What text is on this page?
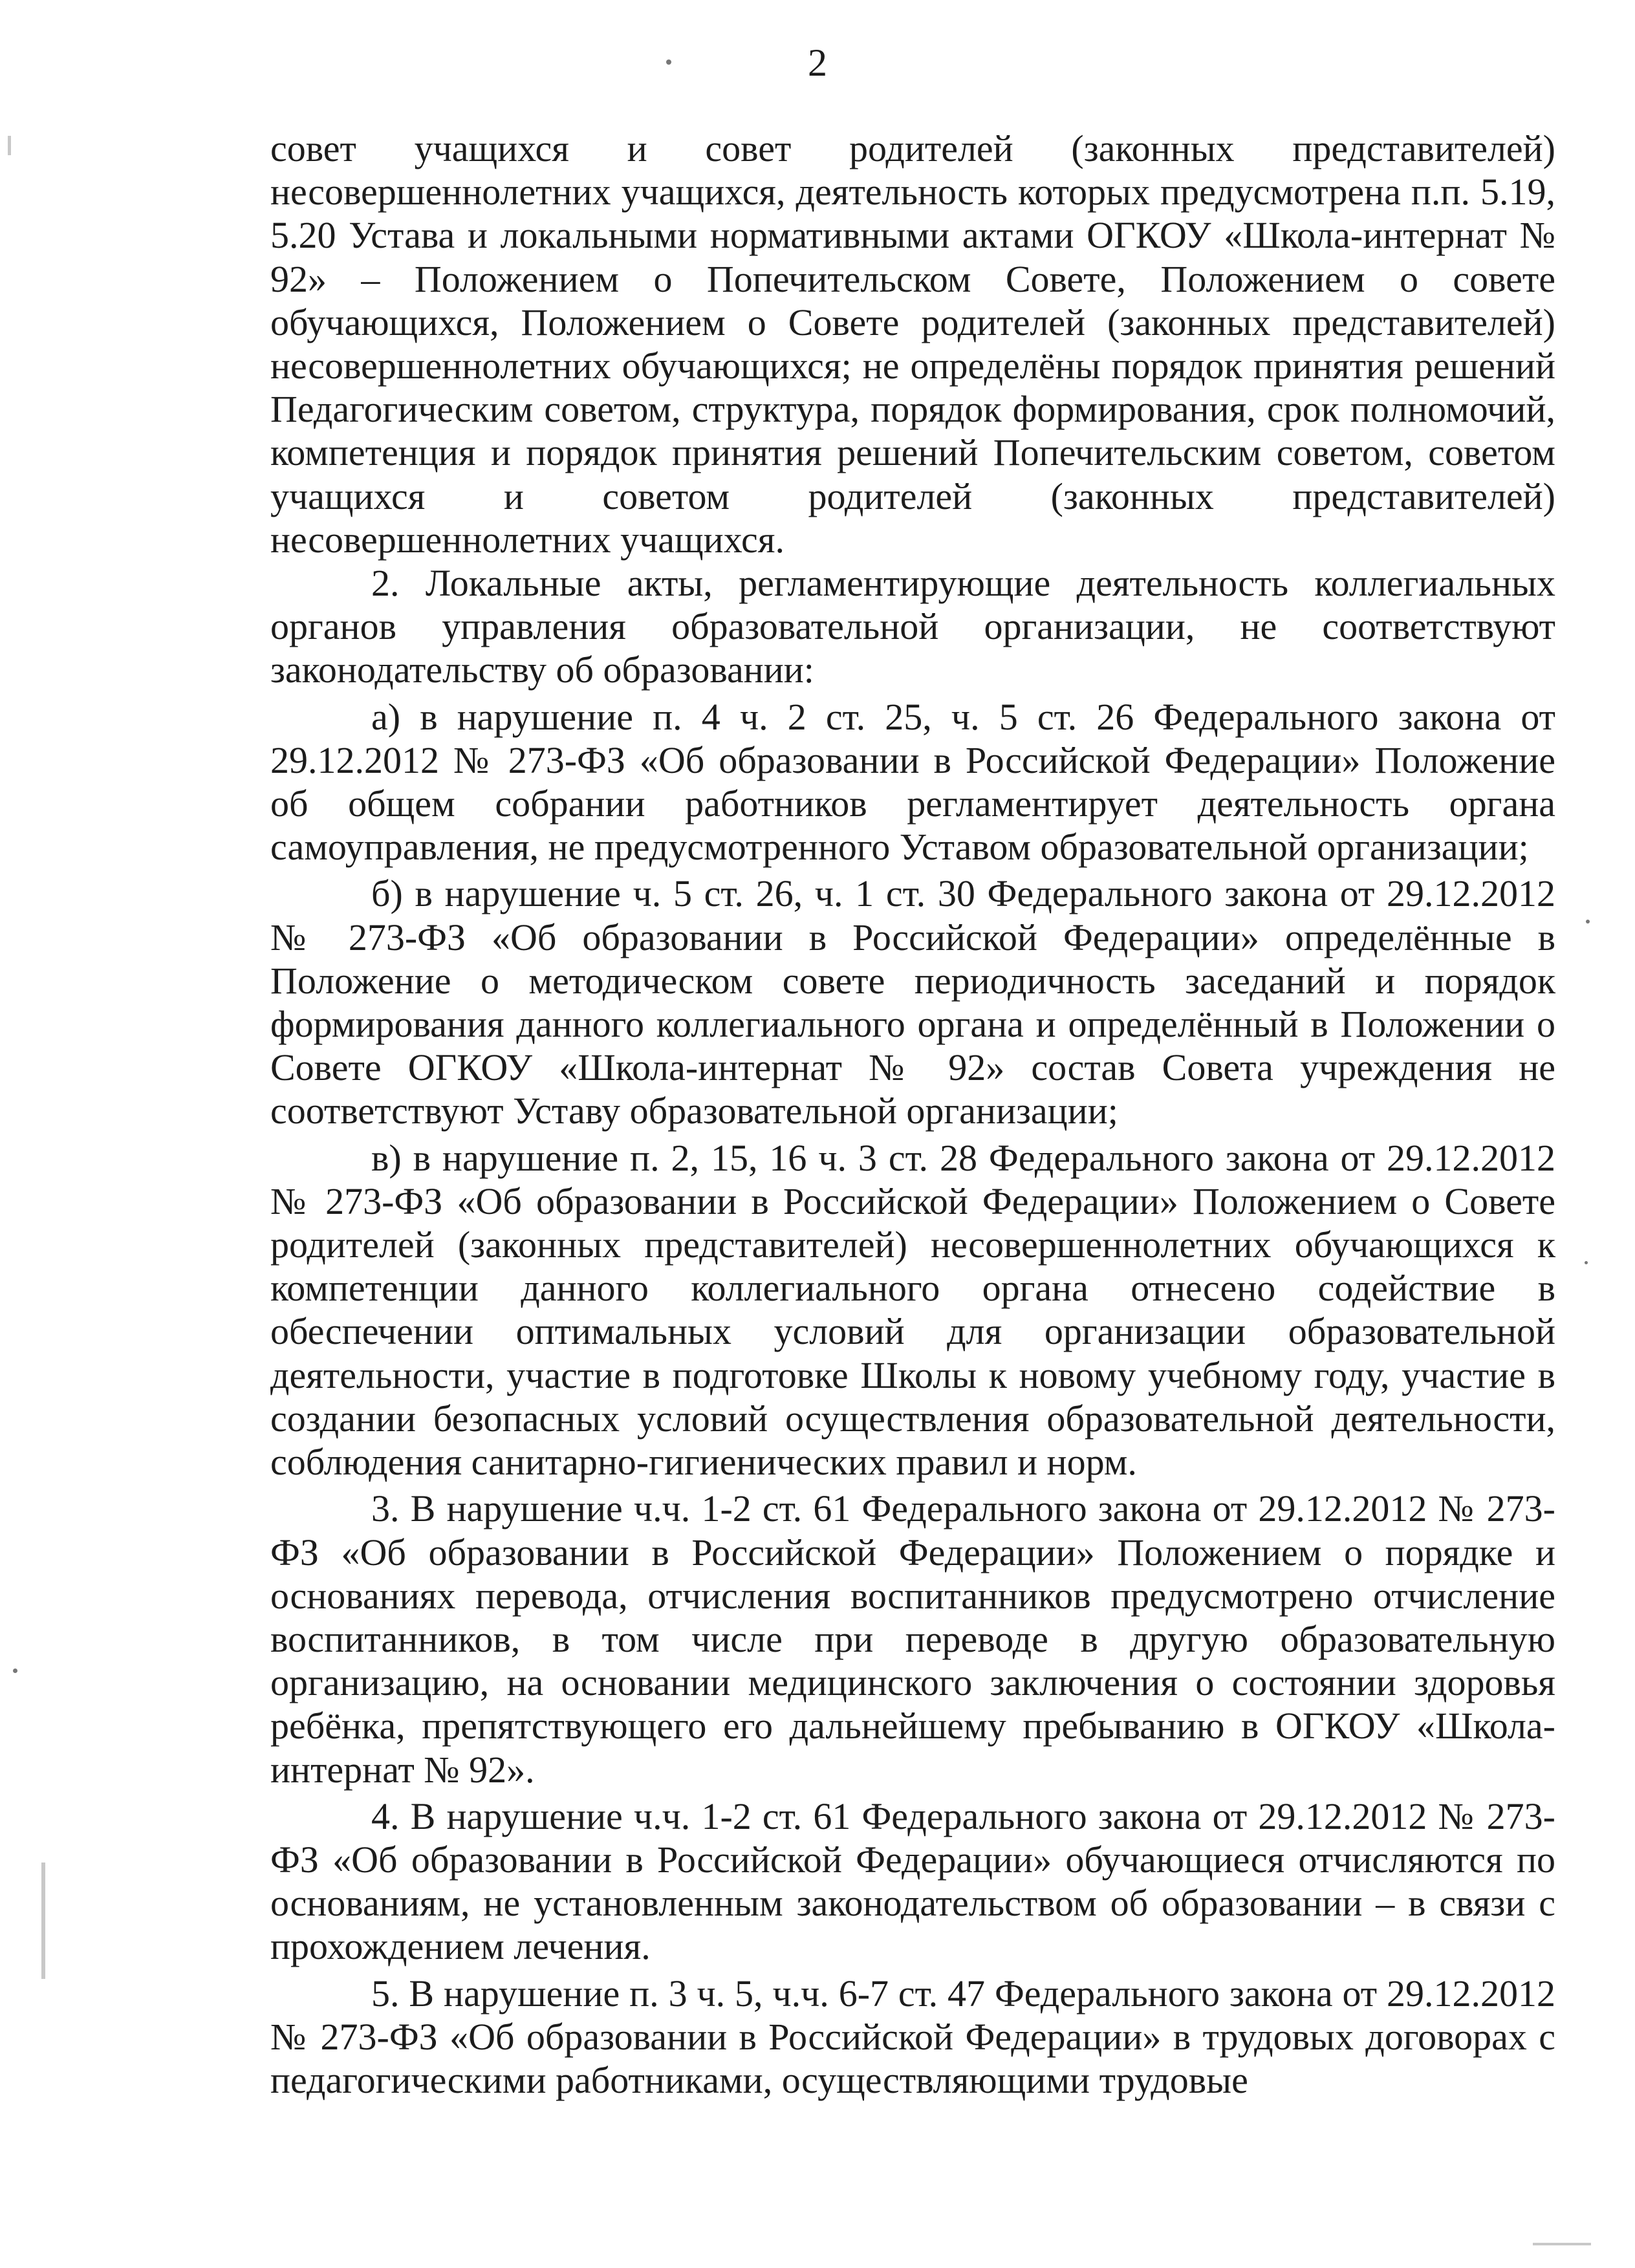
2

совет учащихся и совет родителей (законных представителей) несовершеннолетних учащихся, деятельность которых предусмотрена п.п. 5.19, 5.20 Устава и локальными нормативными актами ОГКОУ «Школа-интернат № 92» – Положением о Попечительском Совете, Положением о совете обучающихся, Положением о Совете родителей (законных представителей) несовершеннолетних обучающихся; не определёны порядок принятия решений Педагогическим советом, структура, порядок формирования, срок полномочий, компетенция и порядок принятия решений Попечительским советом, советом учащихся и советом родителей (законных представителей) несовершеннолетних учащихся.

2. Локальные акты, регламентирующие деятельность коллегиальных органов управления образовательной организации, не соответствуют законодательству об образовании:

а) в нарушение п. 4 ч. 2 ст. 25, ч. 5 ст. 26 Федерального закона от 29.12.2012 № 273-ФЗ «Об образовании в Российской Федерации» Положение об общем собрании работников регламентирует деятельность органа самоуправления, не предусмотренного Уставом образовательной организации;

б) в нарушение ч. 5 ст. 26, ч. 1 ст. 30 Федерального закона от 29.12.2012 № 273-ФЗ «Об образовании в Российской Федерации» определённые в Положение о методическом совете периодичность заседаний и порядок формирования данного коллегиального органа и определённый в Положении о Совете ОГКОУ «Школа-интернат № 92» состав Совета учреждения не соответствуют Уставу образовательной организации;

в) в нарушение п. 2, 15, 16 ч. 3 ст. 28 Федерального закона от 29.12.2012 № 273-ФЗ «Об образовании в Российской Федерации» Положением о Совете родителей (законных представителей) несовершеннолетних обучающихся к компетенции данного коллегиального органа отнесено содействие в обеспечении оптимальных условий для организации образовательной деятельности, участие в подготовке Школы к новому учебному году, участие в создании безопасных условий осуществления образовательной деятельности, соблюдения санитарно-гигиенических правил и норм.

3. В нарушение ч.ч. 1-2 ст. 61 Федерального закона от 29.12.2012 № 273-ФЗ «Об образовании в Российской Федерации» Положением о порядке и основаниях перевода, отчисления воспитанников предусмотрено отчисление воспитанников, в том числе при переводе в другую образовательную организацию, на основании медицинского заключения о состоянии здоровья ребёнка, препятствующего его дальнейшему пребыванию в ОГКОУ «Школа-интернат № 92».

4. В нарушение ч.ч. 1-2 ст. 61 Федерального закона от 29.12.2012 № 273-ФЗ «Об образовании в Российской Федерации» обучающиеся отчисляются по основаниям, не установленным законодательством об образовании – в связи с прохождением лечения.

5. В нарушение п. 3 ч. 5, ч.ч. 6-7 ст. 47 Федерального закона от 29.12.2012 № 273-ФЗ «Об образовании в Российской Федерации» в трудовых договорах с педагогическими работниками, осуществляющими трудовые
